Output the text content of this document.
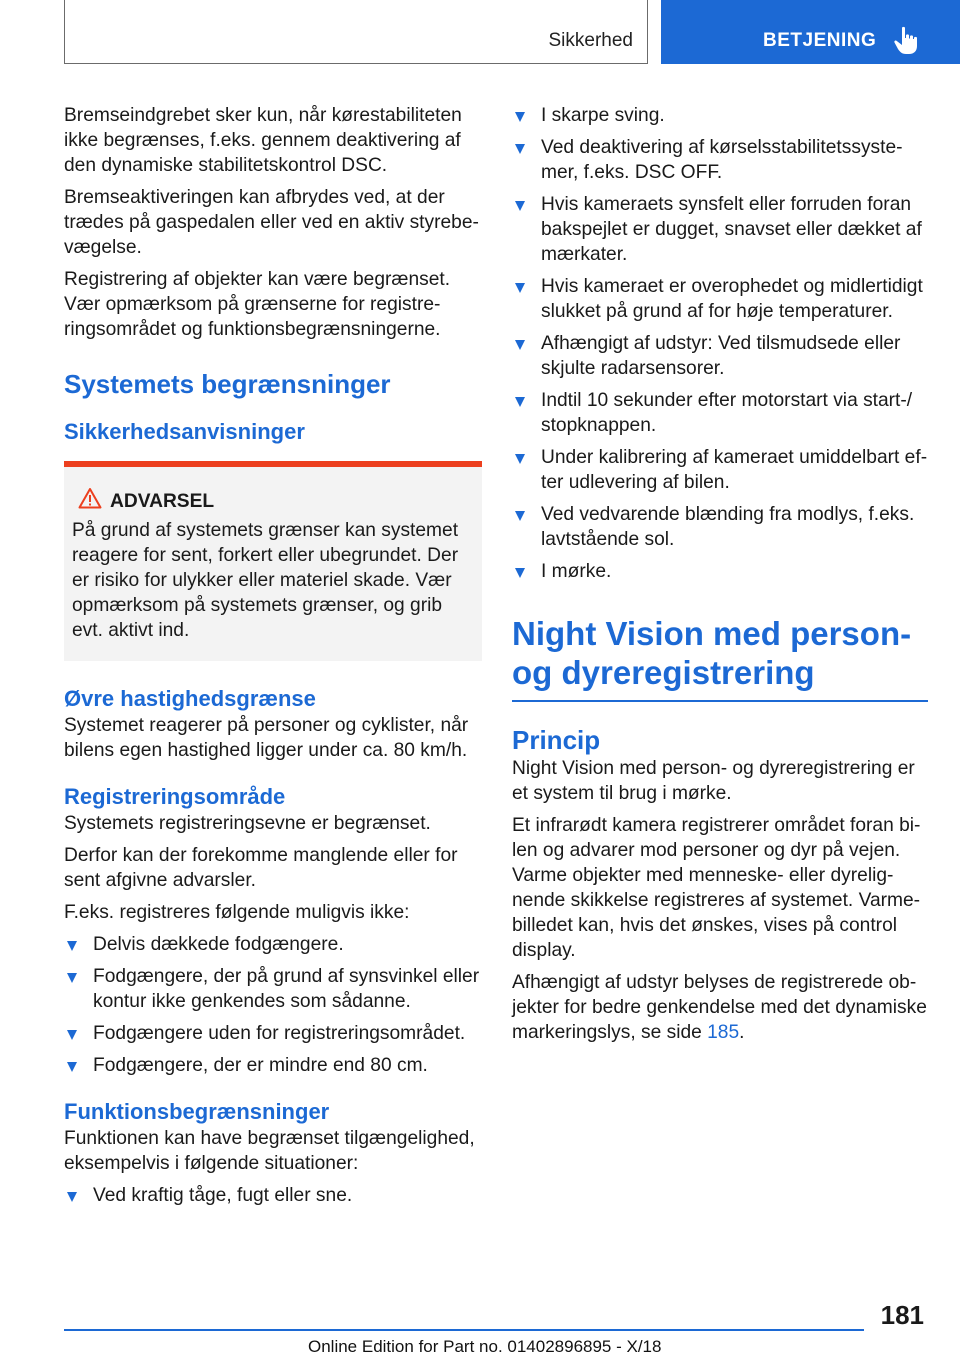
Sikkerhed	BETJENING

Bremseindgrebet sker kun, når kørestabiliteten ikke begrænses, f.eks. gennem deaktivering af den dynamiske stabilitetskontrol DSC.

Bremseaktiveringen kan afbrydes ved, at der trædes på gaspedalen eller ved en aktiv styrebevægelse.

Registrering af objekter kan være begrænset. Vær opmærksom på grænserne for registreringsområdet og funktionsbegrænsningerne.

Systemets begrænsninger
Sikkerhedsanvisninger
ADVARSEL
På grund af systemets grænser kan systemet reagere for sent, forkert eller ubegrundet. Der er risiko for ulykker eller materiel skade. Vær opmærksom på systemets grænser, og grib evt. aktivt ind.
Øvre hastighedsgrænse

Systemet reagerer på personer og cyklister, når bilens egen hastighed ligger under ca. 80 km/h.

Registreringsområde

Systemets registreringsevne er begrænset.

Derfor kan der forekomme manglende eller for sent afgivne advarsler.

F.eks. registreres følgende muligvis ikke:

Delvis dækkede fodgængere.
Fodgængere, der på grund af synsvinkel eller kontur ikke genkendes som sådanne.
Fodgængere uden for registreringsområdet.
Fodgængere, der er mindre end 80 cm.
Funktionsbegrænsninger

Funktionen kan have begrænset tilgængelighed, eksempelvis i følgende situationer:

Ved kraftig tåge, fugt eller sne.
I skarpe sving.
Ved deaktivering af kørselsstabilitetssystemer, f.eks. DSC OFF.
Hvis kameraets synsfelt eller forruden foran bakspejlet er dugget, snavset eller dækket af mærkater.
Hvis kameraet er overophedet og midlertidigt slukket på grund af for høje temperaturer.
Afhængigt af udstyr: Ved tilsmudsede eller skjulte radarsensorer.
Indtil 10 sekunder efter motorstart via start-/ stopknappen.
Under kalibrering af kameraet umiddelbart efter udlevering af bilen.
Ved vedvarende blænding fra modlys, f.eks. lavtstående sol.
I mørke.
Night Vision med person- og dyreregistrering
Princip

Night Vision med person- og dyreregistrering er et system til brug i mørke.

Et infrarødt kamera registrerer området foran bilen og advarer mod personer og dyr på vejen. Varme objekter med menneske- eller dyrelignende skikkelse registreres af systemet. Varmebilledet kan, hvis det ønskes, vises på control display.

Afhængigt af udstyr belyses de registrerede objekter for bedre genkendelse med det dynamiske markeringslys, se side 185.

181
Online Edition for Part no. 01402896895 - X/18
